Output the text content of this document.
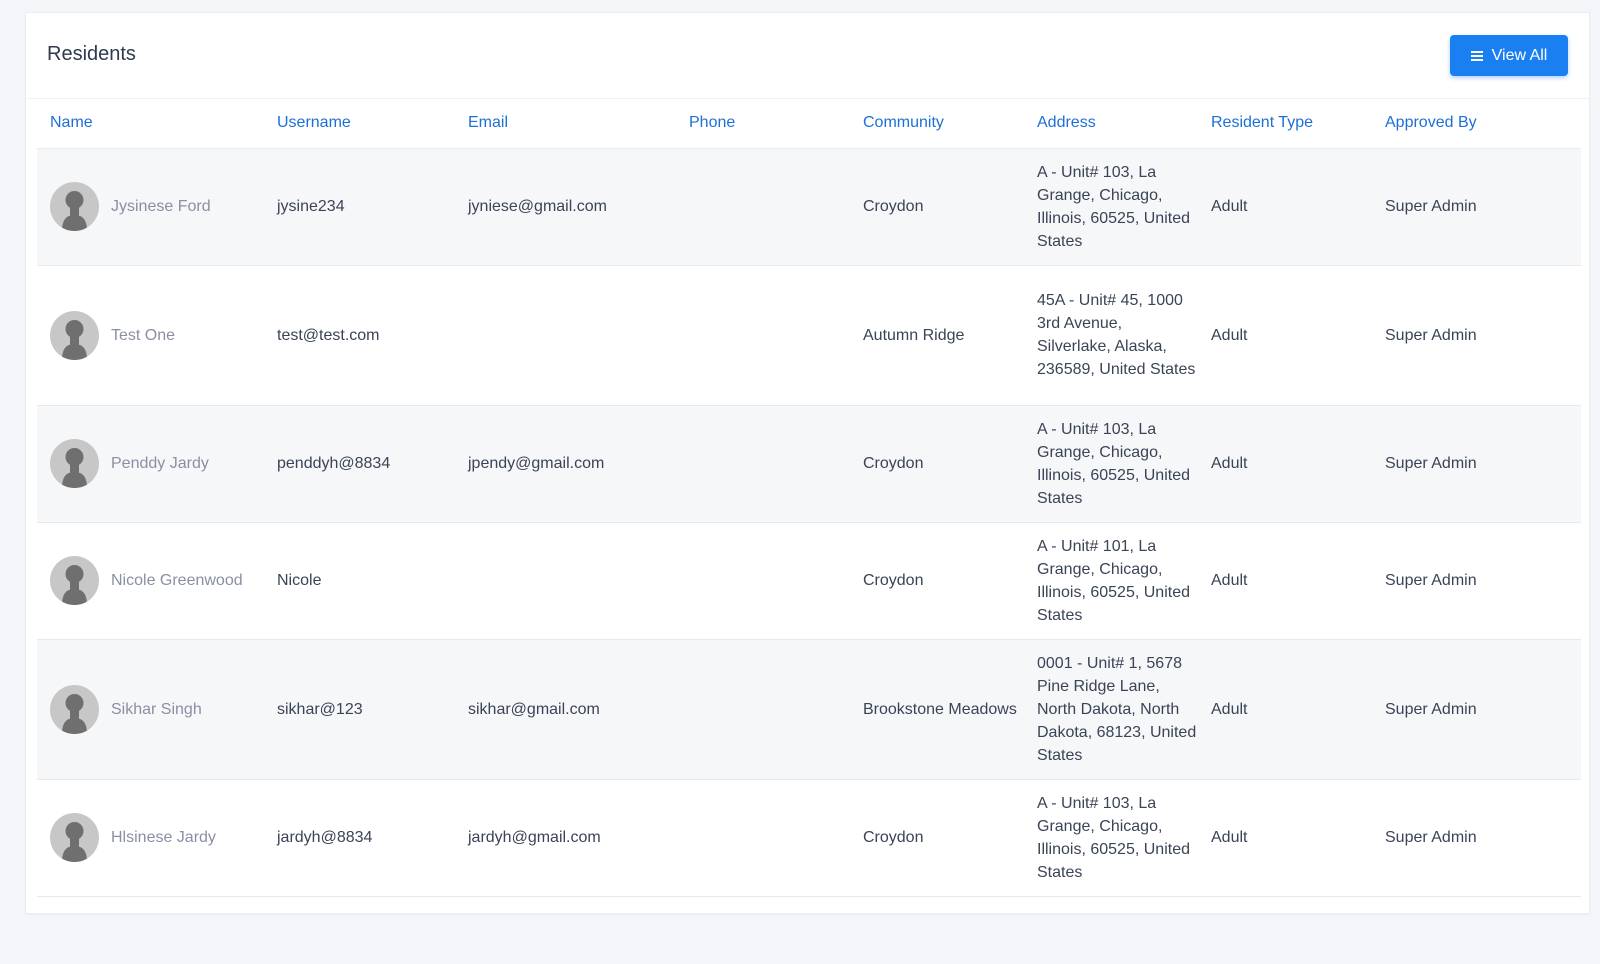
Residents	View All
Name	Username	Email	Phone	Community	Address	Resident Type	Approved By

Jysinese Ford	jysine234	jyniese@gmail.com		Croydon	A - Unit# 103, La Grange, Chicago, Illinois, 60525, United States	Adult	Super Admin

Test One	test@test.com			Autumn Ridge	45A - Unit# 45, 1000 3rd Avenue, Silverlake, Alaska, 236589, United States	Adult	Super Admin

Penddy Jardy	penddyh@8834	jpendy@gmail.com		Croydon	A - Unit# 103, La Grange, Chicago, Illinois, 60525, United States	Adult	Super Admin

Nicole Greenwood	Nicole			Croydon	A - Unit# 101, La Grange, Chicago, Illinois, 60525, United States	Adult	Super Admin

Sikhar Singh	sikhar@123	sikhar@gmail.com		Brookstone Meadows	0001 - Unit# 1, 5678 Pine Ridge Lane, North Dakota, North Dakota, 68123, United States	Adult	Super Admin

Hlsinese Jardy	jardyh@8834	jardyh@gmail.com		Croydon	A - Unit# 103, La Grange, Chicago, Illinois, 60525, United States	Adult	Super Admin
